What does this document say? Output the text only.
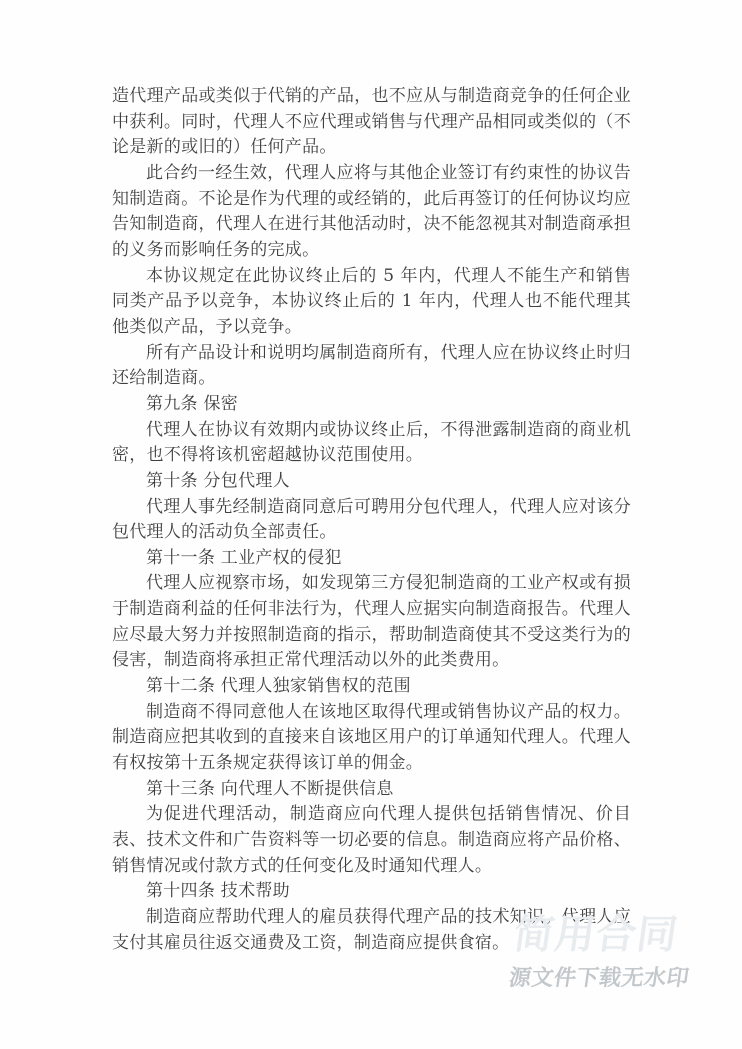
造代理产品或类似于代销的产品，也不应从与制造商竞争的任何企业中获利。同时，代理人不应代理或销售与代理产品相同或类似的（不论是新的或旧的）任何产品。

此合约一经生效，代理人应将与其他企业签订有约束性的协议告知制造商。不论是作为代理的或经销的，此后再签订的任何协议均应告知制造商，代理人在进行其他活动时，决不能忽视其对制造商承担的义务而影响任务的完成。

本协议规定在此协议终止后的 5 年内，代理人不能生产和销售同类产品予以竞争，本协议终止后的 1 年内，代理人也不能代理其他类似产品，予以竞争。

所有产品设计和说明均属制造商所有，代理人应在协议终止时归还给制造商。

第九条 保密

代理人在协议有效期内或协议终止后，不得泄露制造商的商业机密，也不得将该机密超越协议范围使用。

第十条 分包代理人

代理人事先经制造商同意后可聘用分包代理人，代理人应对该分包代理人的活动负全部责任。

第十一条 工业产权的侵犯

代理人应视察市场，如发现第三方侵犯制造商的工业产权或有损于制造商利益的任何非法行为，代理人应据实向制造商报告。代理人应尽最大努力并按照制造商的指示，帮助制造商使其不受这类行为的侵害，制造商将承担正常代理活动以外的此类费用。

第十二条 代理人独家销售权的范围

制造商不得同意他人在该地区取得代理或销售协议产品的权力。制造商应把其收到的直接来自该地区用户的订单通知代理人。代理人有权按第十五条规定获得该订单的佣金。

第十三条 向代理人不断提供信息

为促进代理活动，制造商应向代理人提供包括销售情况、价目表、技术文件和广告资料等一切必要的信息。制造商应将产品价格、销售情况或付款方式的任何变化及时通知代理人。

第十四条 技术帮助

制造商应帮助代理人的雇员获得代理产品的技术知识。代理人应支付其雇员往返交通费及工资，制造商应提供食宿。 简用合同
源文件下载无水印
